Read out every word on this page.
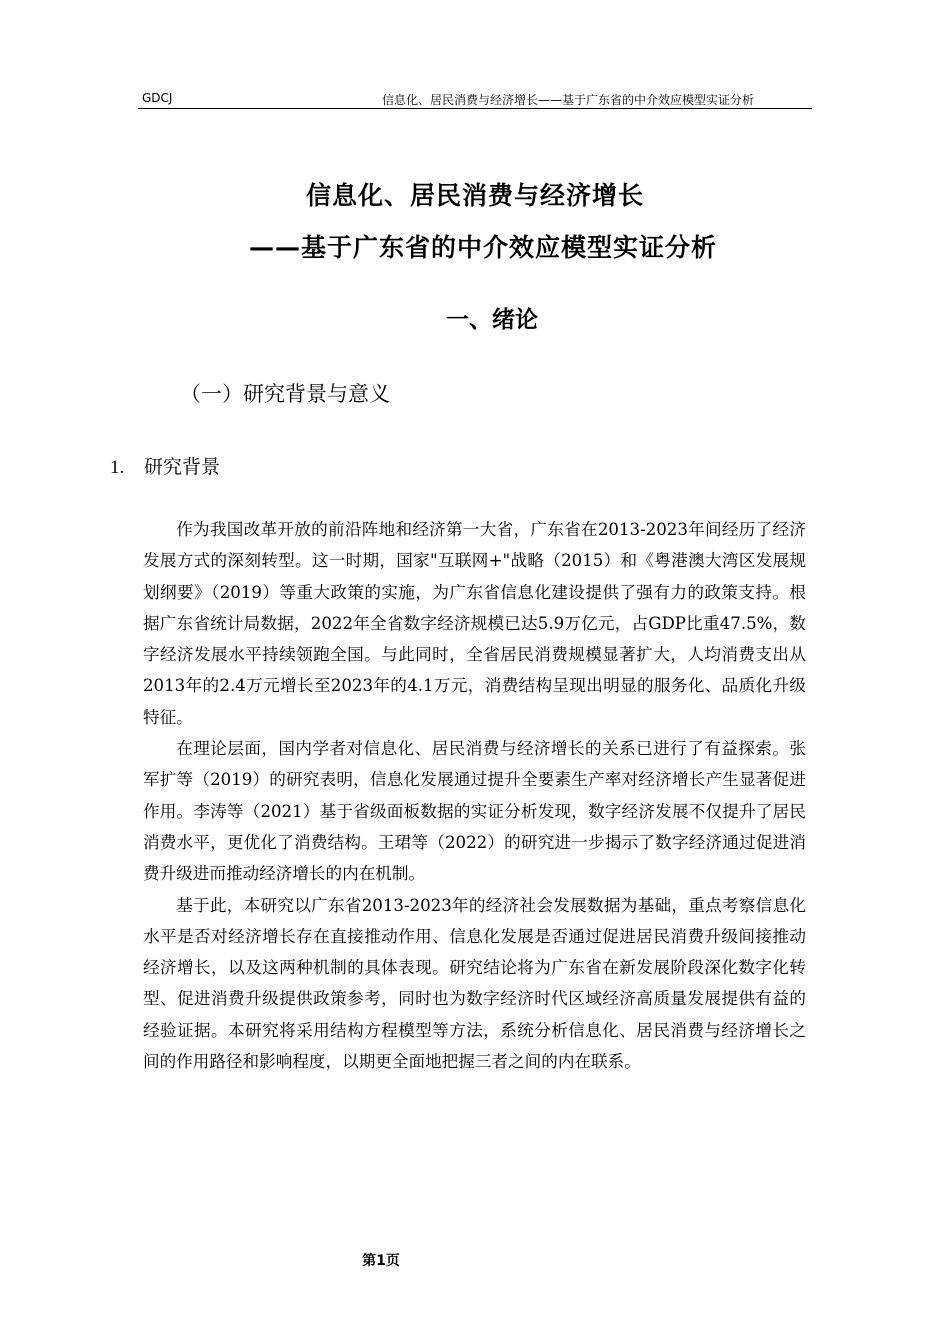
GDCJ	信息化、居民消费与经济增长——基于广东省的中介效应模型实证分析
信息化、居民消费与经济增长
——基于广东省的中介效应模型实证分析
一、绪论
（一）研究背景与意义
1. 研究背景

作为我国改革开放的前沿阵地和经济第一大省，广东省在2013-2023年间经历了经济发展方式的深刻转型。这一时期，国家"互联网+"战略（2015）和《粤港澳大湾区发展规划纲要》（2019）等重大政策的实施，为广东省信息化建设提供了强有力的政策支持。根据广东省统计局数据，2022年全省数字经济规模已达5.9万亿元，占GDP比重47.5%，数字经济发展水平持续领跑全国。与此同时，全省居民消费规模显著扩大，人均消费支出从2013年的2.4万元增长至2023年的4.1万元，消费结构呈现出明显的服务化、品质化升级特征。

在理论层面，国内学者对信息化、居民消费与经济增长的关系已进行了有益探索。张军扩等（2019）的研究表明，信息化发展通过提升全要素生产率对经济增长产生显著促进作用。李涛等（2021）基于省级面板数据的实证分析发现，数字经济发展不仅提升了居民消费水平，更优化了消费结构。王珺等（2022）的研究进一步揭示了数字经济通过促进消费升级进而推动经济增长的内在机制。

基于此，本研究以广东省2013-2023年的经济社会发展数据为基础，重点考察信息化水平是否对经济增长存在直接推动作用、信息化发展是否通过促进居民消费升级间接推动经济增长，以及这两种机制的具体表现。研究结论将为广东省在新发展阶段深化数字化转型、促进消费升级提供政策参考，同时也为数字经济时代区域经济高质量发展提供有益的经验证据。本研究将采用结构方程模型等方法，系统分析信息化、居民消费与经济增长之间的作用路径和影响程度，以期更全面地把握三者之间的内在联系。

第1页
